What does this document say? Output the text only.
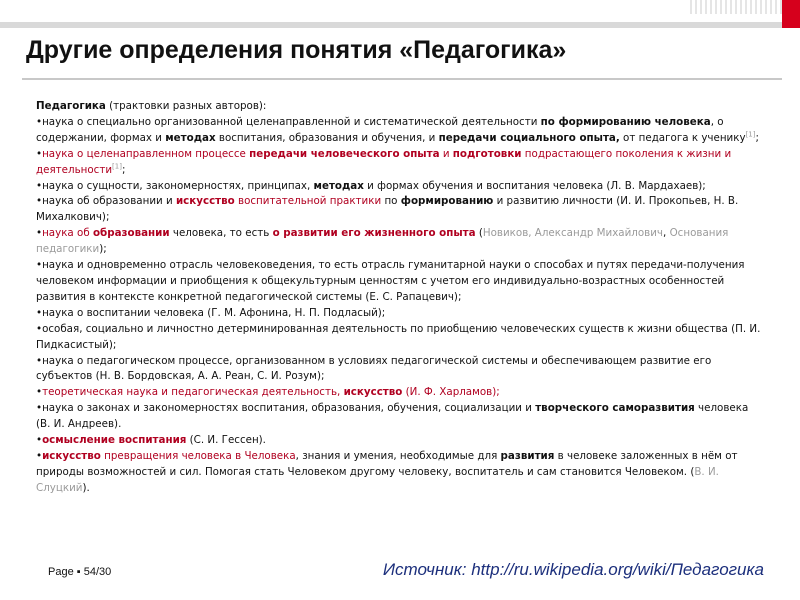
Другие определения понятия «Педагогика»

Педагогика (трактовки разных авторов):

•наука о специально организованной целенаправленной и систематической деятельности по формированию человека, о содержании, формах и методах воспитания, образования и обучения, и передачи социального опыта, от педагога к ученику[1];

•наука о целенаправленном процессе передачи человеческого опыта и подготовки подрастающего поколения к жизни и деятельности[1];

•наука о сущности, закономерностях, принципах, методах и формах обучения и воспитания человека (Л. В. Мардахаев);

•наука об образовании и искусство воспитательной практики по формированию и развитию личности (И. И. Прокопьев, Н. В. Михалкович);

•наука об образовании человека, то есть о развитии его жизненного опыта (Новиков, Александр Михайлович, Основания педагогики);

•наука и одновременно отрасль человековедения, то есть отрасль гуманитарной науки о способах и путях передачи-получения человеком информации и приобщения к общекультурным ценностям с учетом его индивидуально-возрастных особенностей развития в контексте конкретной педагогической системы (Е. С. Рапацевич);

•наука о воспитании человека (Г. М. Афонина, Н. П. Подласый);

•особая, социально и личностно детерминированная деятельность по приобщению человеческих существ к жизни общества (П. И. Пидкасистый);

•наука о педагогическом процессе, организованном в условиях педагогической системы и обеспечивающем развитие его субъектов (Н. В. Бордовская, А. А. Реан, С. И. Розум);

•теоретическая наука и педагогическая деятельность, искусство (И. Ф. Харламов);

•наука о законах и закономерностях воспитания, образования, обучения, социализации и творческого саморазвития человека (В. И. Андреев).

•осмысление воспитания (С. И. Гессен).

•искусство превращения человека в Человека, знания и умения, необходимые для развития в человеке заложенных в нём от природы возможностей и сил. Помогая стать Человеком другому человеку, воспитатель и сам становится Человеком. (В. И. Слуцкий).

Page ▪ 54/30	Источник: http://ru.wikipedia.org/wiki/Педагогика
